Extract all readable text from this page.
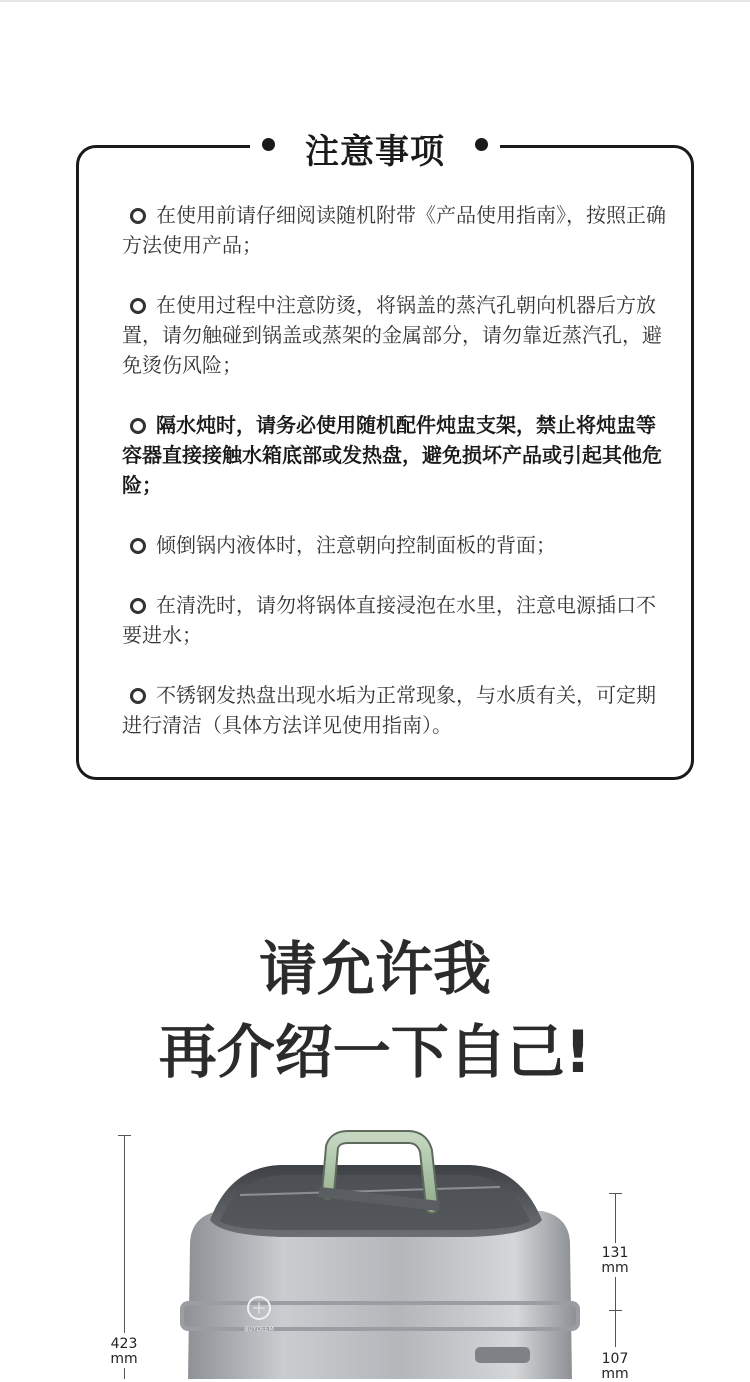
注意事项
在使用前请仔细阅读随机附带《产品使用指南》，按照正确方法使用产品；
在使用过程中注意防烫，将锅盖的蒸汽孔朝向机器后方放置，请勿触碰到锅盖或蒸架的金属部分，请勿靠近蒸汽孔，避免烫伤风险；
隔水炖时，请务必使用随机配件炖盅支架，禁止将炖盅等容器直接接触水箱底部或发热盘，避免损坏产品或引起其他危险；
倾倒锅内液体时，注意朝向控制面板的背面；
在清洗时，请勿将锅体直接浸泡在水里，注意电源插口不要进水；
不锈钢发热盘出现水垢为正常现象，与水质有关，可定期进行清洁（具体方法详见使用指南）。
请允许我
再介绍一下自己!
423
mm
131
mm
107
mm
BUYDEEM
